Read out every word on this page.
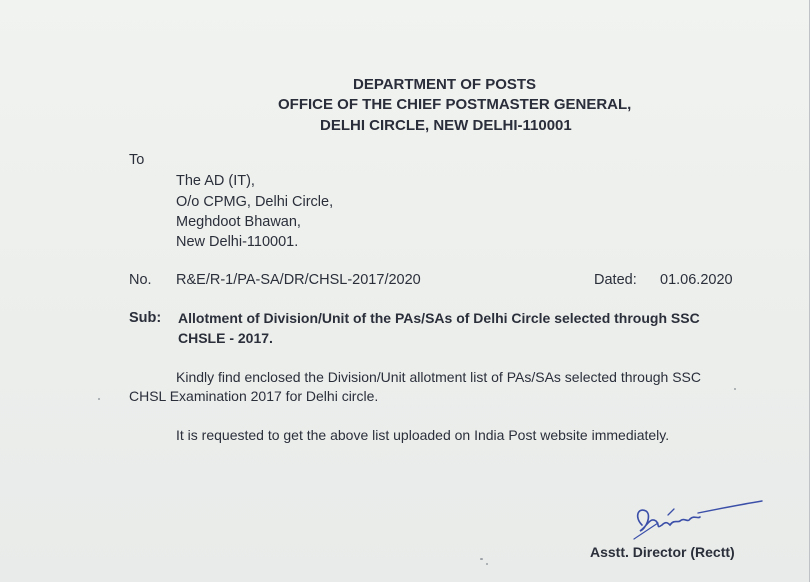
DEPARTMENT OF POSTS
OFFICE OF THE CHIEF POSTMASTER GENERAL,
DELHI CIRCLE, NEW DELHI-110001
To
The AD (IT),
O/o CPMG, Delhi Circle,
Meghdoot Bhawan,
New Delhi-110001.
No. R&E/R-1/PA-SA/DR/CHSL-2017/2020	Dated: 01.06.2020
Sub: Allotment of Division/Unit of the PAs/SAs of Delhi Circle selected through SSC
CHSLE - 2017.
Kindly find enclosed the Division/Unit allotment list of PAs/SAs selected through SSC
CHSL Examination 2017 for Delhi circle.
It is requested to get the above list uploaded on India Post website immediately.
Asstt. Director (Rectt)
